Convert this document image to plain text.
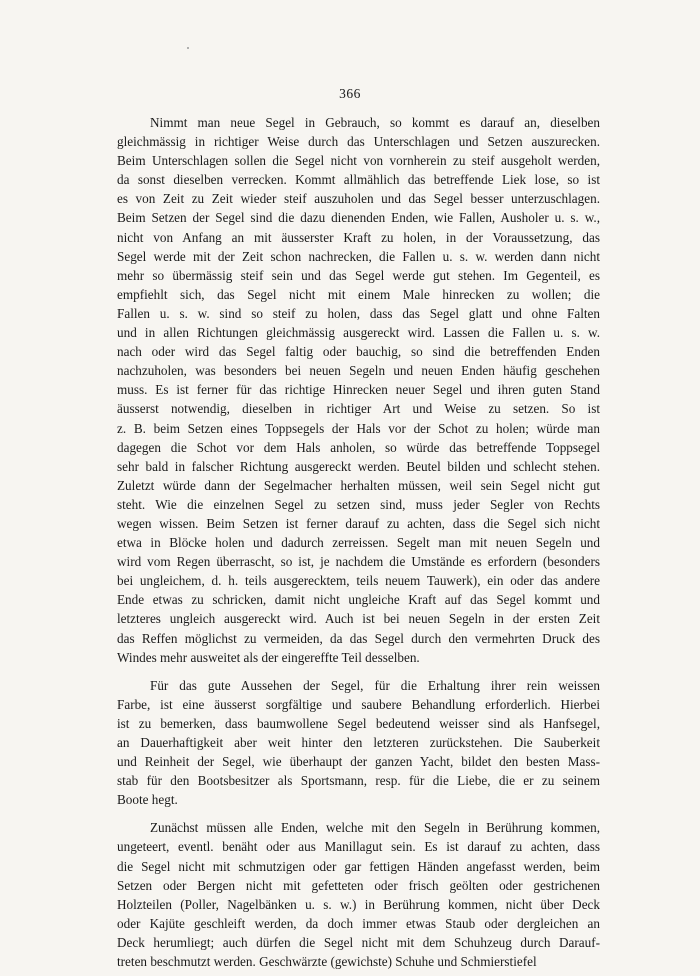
366
Nimmt man neue Segel in Gebrauch, so kommt es darauf an, dieselben
gleichmässig in richtiger Weise durch das Unterschlagen und Setzen auszurecken.
Beim Unterschlagen sollen die Segel nicht von vornherein zu steif ausgeholt werden,
da sonst dieselben verrecken. Kommt allmählich das betreffende Liek lose, so ist
es von Zeit zu Zeit wieder steif auszuholen und das Segel besser unterzuschlagen.
Beim Setzen der Segel sind die dazu dienenden Enden, wie Fallen, Ausholer u. s. w.,
nicht von Anfang an mit äusserster Kraft zu holen, in der Voraussetzung, das
Segel werde mit der Zeit schon nachrecken, die Fallen u. s. w. werden dann nicht
mehr so übermässig steif sein und das Segel werde gut stehen. Im Gegenteil, es
empfiehlt sich, das Segel nicht mit einem Male hinrecken zu wollen; die
Fallen u. s. w. sind so steif zu holen, dass das Segel glatt und ohne Falten
und in allen Richtungen gleichmässig ausgereckt wird. Lassen die Fallen u. s. w.
nach oder wird das Segel faltig oder bauchig, so sind die betreffenden Enden
nachzuholen, was besonders bei neuen Segeln und neuen Enden häufig geschehen
muss. Es ist ferner für das richtige Hinrecken neuer Segel und ihren guten Stand
äusserst notwendig, dieselben in richtiger Art und Weise zu setzen. So ist
z. B. beim Setzen eines Toppsegels der Hals vor der Schot zu holen; würde man
dagegen die Schot vor dem Hals anholen, so würde das betreffende Toppsegel
sehr bald in falscher Richtung ausgereckt werden. Beutel bilden und schlecht stehen.
Zuletzt würde dann der Segelmacher herhalten müssen, weil sein Segel nicht gut
steht. Wie die einzelnen Segel zu setzen sind, muss jeder Segler von Rechts
wegen wissen. Beim Setzen ist ferner darauf zu achten, dass die Segel sich nicht
etwa in Blöcke holen und dadurch zerreissen. Segelt man mit neuen Segeln und
wird vom Regen überrascht, so ist, je nachdem die Umstände es erfordern (besonders
bei ungleichem, d. h. teils ausgerecktem, teils neuem Tauwerk), ein oder das andere
Ende etwas zu schricken, damit nicht ungleiche Kraft auf das Segel kommt und
letzteres ungleich ausgereckt wird. Auch ist bei neuen Segeln in der ersten Zeit
das Reffen möglichst zu vermeiden, da das Segel durch den vermehrten Druck des
Windes mehr ausweitet als der eingereffte Teil desselben.
Für das gute Aussehen der Segel, für die Erhaltung ihrer rein weissen
Farbe, ist eine äusserst sorgfältige und saubere Behandlung erforderlich. Hierbei
ist zu bemerken, dass baumwollene Segel bedeutend weisser sind als Hanfsegel,
an Dauerhaftigkeit aber weit hinter den letzteren zurückstehen. Die Sauberkeit
und Reinheit der Segel, wie überhaupt der ganzen Yacht, bildet den besten Mass-
stab für den Bootsbesitzer als Sportsmann, resp. für die Liebe, die er zu seinem
Boote hegt.
Zunächst müssen alle Enden, welche mit den Segeln in Berührung kommen,
ungeteert, eventl. benäht oder aus Manillagut sein. Es ist darauf zu achten, dass
die Segel nicht mit schmutzigen oder gar fettigen Händen angefasst werden, beim
Setzen oder Bergen nicht mit gefetteten oder frisch geölten oder gestrichenen
Holzteilen (Poller, Nagelbänken u. s. w.) in Berührung kommen, nicht über Deck
oder Kajüte geschleift werden, da doch immer etwas Staub oder dergleichen an
Deck herumliegt; auch dürfen die Segel nicht mit dem Schuhzeug durch Darauf-
treten beschmutzt werden. Geschwärzte (gewichste) Schuhe und Schmierstiefel
